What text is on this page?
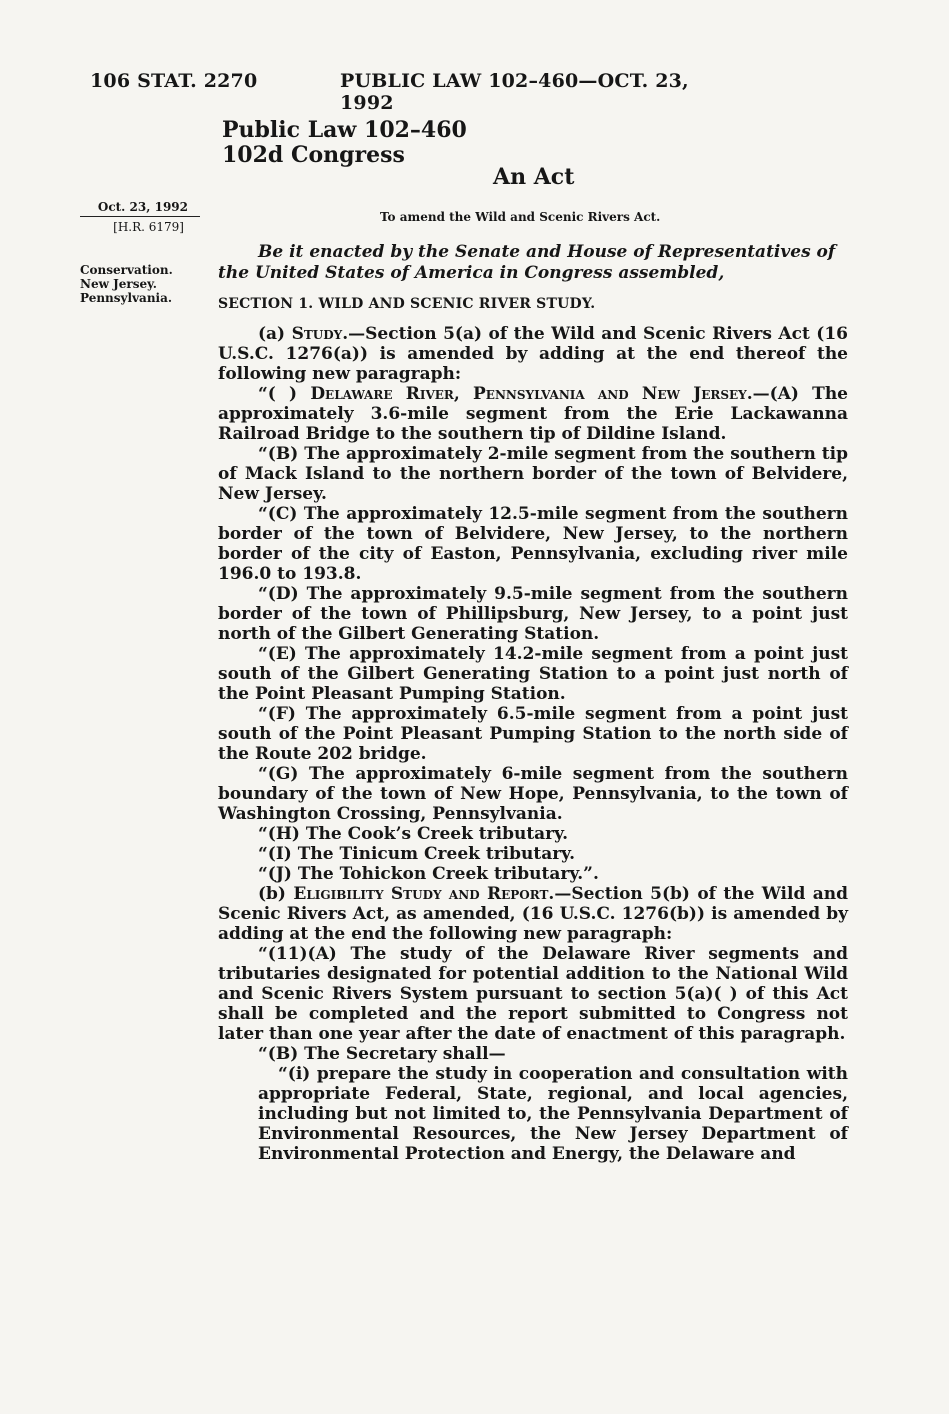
106 STAT. 2270	PUBLIC LAW 102–460—OCT. 23, 1992
Public Law 102–460
102d Congress
An Act
To amend the Wild and Scenic Rivers Act.
Oct. 23, 1992
[H.R. 6179]
Conservation.
New Jersey.
Pennsylvania.
Be it enacted by the Senate and House of Representatives of the United States of America in Congress assembled,
SECTION 1. WILD AND SCENIC RIVER STUDY.

(a) Study.—Section 5(a) of the Wild and Scenic Rivers Act (16 U.S.C. 1276(a)) is amended by adding at the end thereof the following new paragraph:

“( ) Delaware River, Pennsylvania and New Jersey.—(A) The approximately 3.6-mile segment from the Erie Lackawanna Railroad Bridge to the southern tip of Dildine Island.

“(B) The approximately 2-mile segment from the southern tip of Mack Island to the northern border of the town of Belvidere, New Jersey.

“(C) The approximately 12.5-mile segment from the southern border of the town of Belvidere, New Jersey, to the northern border of the city of Easton, Pennsylvania, excluding river mile 196.0 to 193.8.

“(D) The approximately 9.5-mile segment from the southern border of the town of Phillipsburg, New Jersey, to a point just north of the Gilbert Generating Station.

“(E) The approximately 14.2-mile segment from a point just south of the Gilbert Generating Station to a point just north of the Point Pleasant Pumping Station.

“(F) The approximately 6.5-mile segment from a point just south of the Point Pleasant Pumping Station to the north side of the Route 202 bridge.

“(G) The approximately 6-mile segment from the southern boundary of the town of New Hope, Pennsylvania, to the town of Washington Crossing, Pennsylvania.

“(H) The Cook’s Creek tributary.

“(I) The Tinicum Creek tributary.

“(J) The Tohickon Creek tributary.”.

(b) Eligibility Study and Report.—Section 5(b) of the Wild and Scenic Rivers Act, as amended, (16 U.S.C. 1276(b)) is amended by adding at the end the following new paragraph:

“(11)(A) The study of the Delaware River segments and tributaries designated for potential addition to the National Wild and Scenic Rivers System pursuant to section 5(a)( ) of this Act shall be completed and the report submitted to Congress not later than one year after the date of enactment of this paragraph.

“(B) The Secretary shall—

“(i) prepare the study in cooperation and consultation with appropriate Federal, State, regional, and local agencies, including but not limited to, the Pennsylvania Department of Environmental Resources, the New Jersey Department of Environmental Protection and Energy, the Delaware and
